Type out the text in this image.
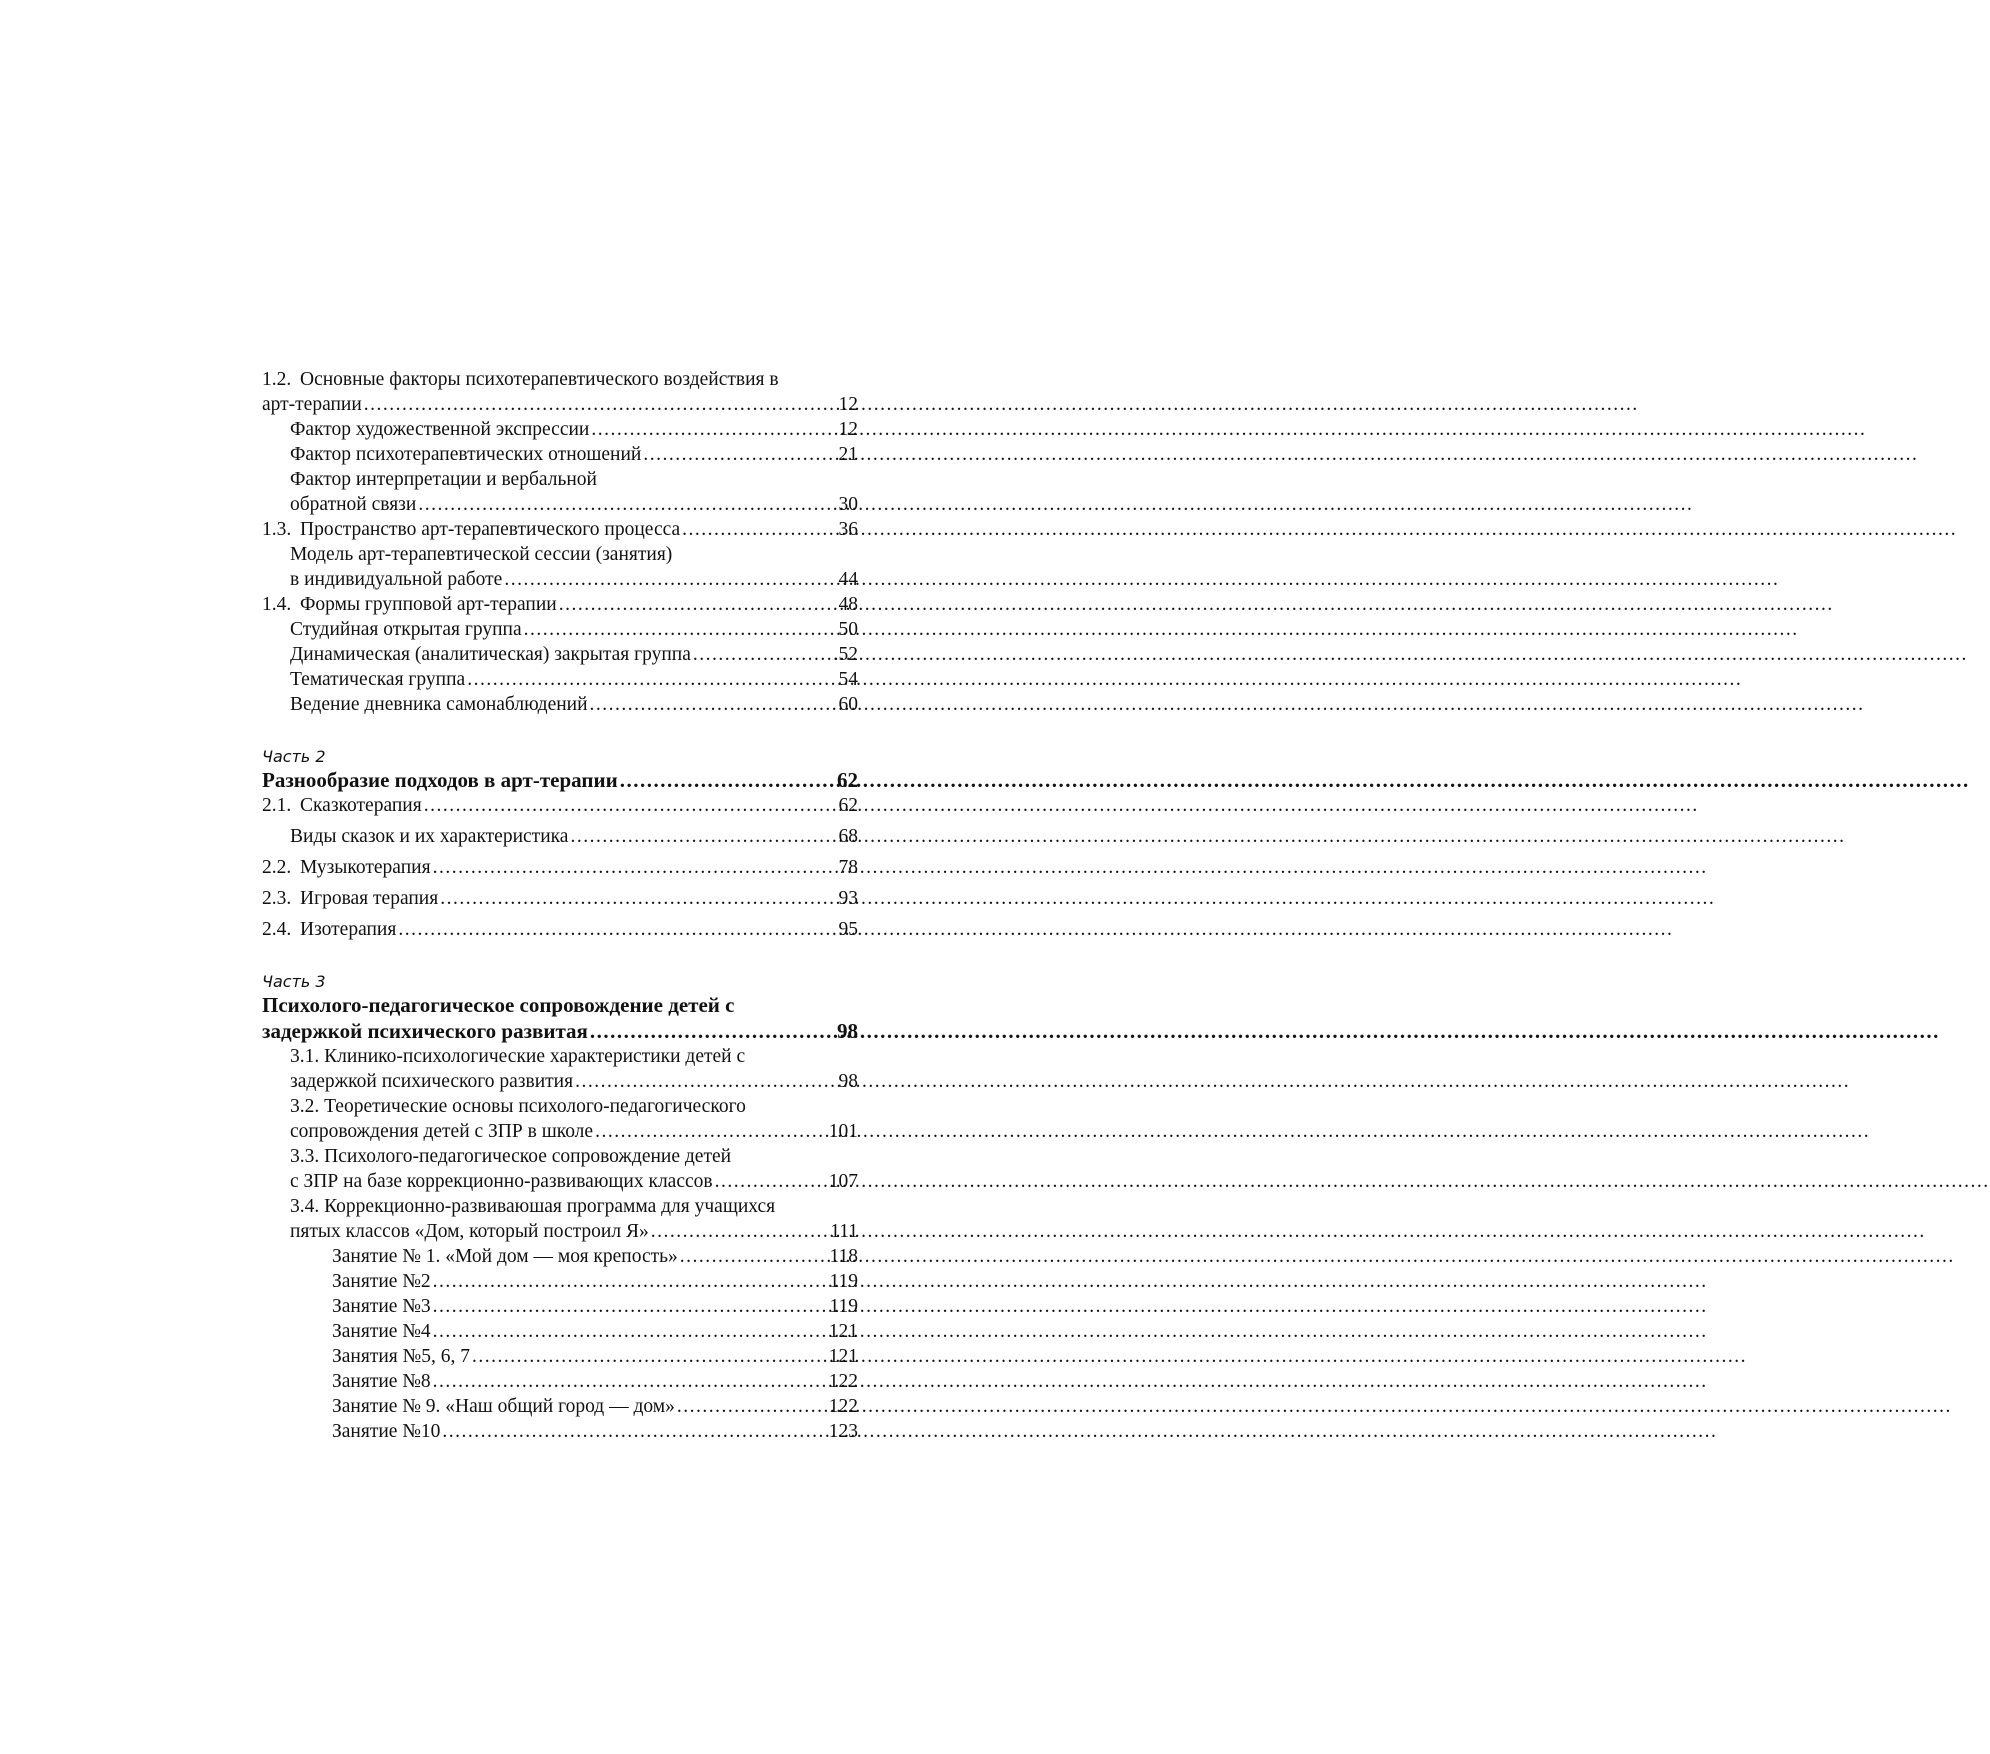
1.2. Основные факторы психотерапевтического воздействия в
арт-терапии .....	12
Фактор художественной экспрессии .....	12
Фактор психотерапевтических отношений .....	21
Фактор интерпретации и вербальной
обратной связи .....	30
1.3. Пространство арт-терапевтического процесса .....	36
Модель арт-терапевтической сессии (занятия)
в индивидуальной работе .....	44
1.4. Формы групповой арт-терапии .....	48
Студийная открытая группа .....	50
Динамическая (аналитическая) закрытая группа .....	.52
Тематическая группа .....	54
Ведение дневника самонаблюдений .....	60
Часть 2
Разнообразие подходов в арт-терапии .....	62
2.1. Сказкотерапия .....	62
Виды сказок и их характеристика .....	68
2.2. Музыкотерапия .....	78
2.3. Игровая терапия .....	93
2.4. Изотерапия .....	95
Часть 3
Психолого-педагогическое сопровождение детей с
задержкой психического развитая .....	98
3.1. Клинико-психологические характеристики детей с
задержкой психического развития .....	98
3.2. Теоретические основы психолого-педагогического
сопровождения детей с ЗПР в школе .....	101
3.3. Психолого-педагогическое сопровождение детей
с ЗПР на базе коррекционно-развивающих классов .....	107
3.4. Коррекционно-развиваюшая программа для учащихся
пятых классов «Дом, который построил Я» .....	111
Занятие № 1. «Мой дом — моя крепость» .....	118
Занятие №2 .....	119
Занятие №3 .....	119
Занятие №4 .....	121
Занятия №5, 6, 7 .....	121
Занятие №8 .....	122
Занятие № 9. «Наш общий город — дом» .....	122
Занятие №10 .....	123
